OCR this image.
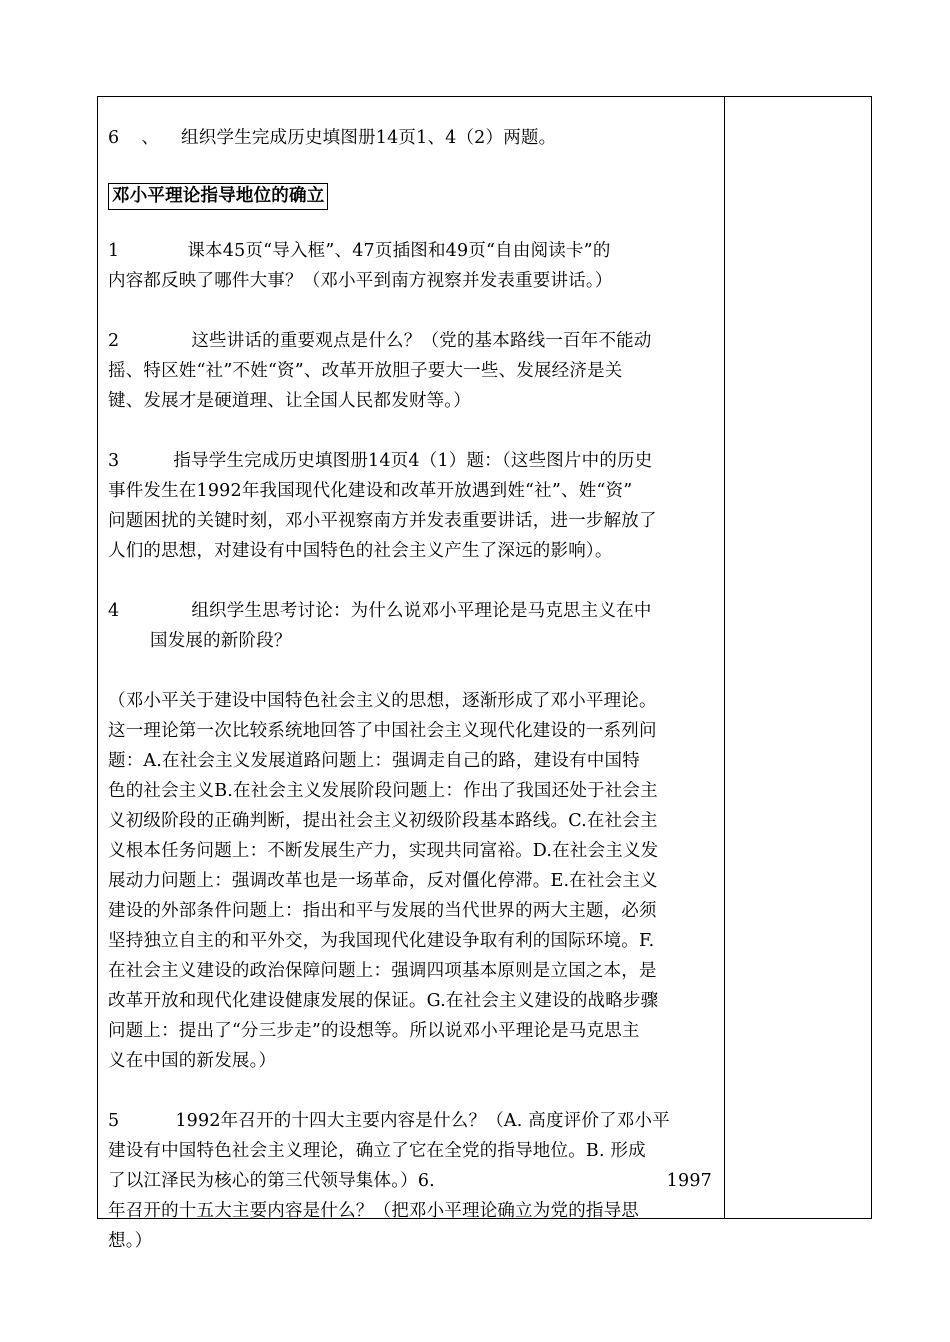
6 、 组织学生完成历史填图册14页1、4（2）两题。

邓小平理论指导地位的确立

1	课本45页“导入框”、47页插图和49页“自由阅读卡”的

内容都反映了哪件大事？（邓小平到南方视察并发表重要讲话。）

2	这些讲话的重要观点是什么？（党的基本路线一百年不能动

摇、特区姓“社”不姓“资”、改革开放胆子要大一些、发展经济是关

键、发展才是硬道理、让全国人民都发财等。）

3	指导学生完成历史填图册14页4（1）题：（这些图片中的历史

事件发生在1992年我国现代化建设和改革开放遇到姓“社”、姓“资”

问题困扰的关键时刻，邓小平视察南方并发表重要讲话，进一步解放了

人们的思想，对建设有中国特色的社会主义产生了深远的影响）。

4	组织学生思考讨论：为什么说邓小平理论是马克思主义在中

国发展的新阶段？

（邓小平关于建设中国特色社会主义的思想，逐渐形成了邓小平理论。

这一理论第一次比较系统地回答了中国社会主义现代化建设的一系列问

题：A.在社会主义发展道路问题上：强调走自己的路，建设有中国特

色的社会主义B.在社会主义发展阶段问题上：作出了我国还处于社会主

义初级阶段的正确判断，提出社会主义初级阶段基本路线。C.在社会主

义根本任务问题上：不断发展生产力，实现共同富裕。D.在社会主义发

展动力问题上：强调改革也是一场革命，反对僵化停滞。E.在社会主义

建设的外部条件问题上：指出和平与发展的当代世界的两大主题，必须

坚持独立自主的和平外交，为我国现代化建设争取有利的国际环境。F.

在社会主义建设的政治保障问题上：强调四项基本原则是立国之本，是

改革开放和现代化建设健康发展的保证。G.在社会主义建设的战略步骤

问题上：提出了“分三步走”的设想等。所以说邓小平理论是马克思主

义在中国的新发展。）

5	1992年召开的十四大主要内容是什么？（A. 高度评价了邓小平

建设有中国特色社会主义理论，确立了它在全党的指导地位。B. 形成

了以江泽民为核心的第三代领导集体。）6.	1997

年召开的十五大主要内容是什么？（把邓小平理论确立为党的指导思

想。）
